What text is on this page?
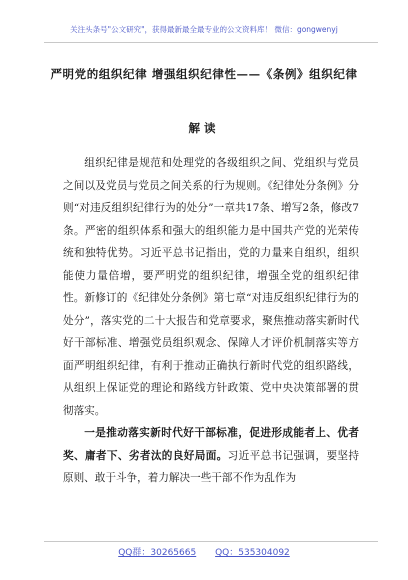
关注头条号"公文研究"，获得最新最全最专业的公文资料库！ 微信：gongwenyj
严明党的组织纪律 增强组织纪律性——《条例》组织纪律
解读

组织纪律是规范和处理党的各级组织之间、党组织与党员之间以及党员与党员之间关系的行为规则。《纪律处分条例》分则“对违反组织纪律行为的处分”一章共17条、增写2条，修改7条。严密的组织体系和强大的组织能力是中国共产党的光荣传统和独特优势。习近平总书记指出，党的力量来自组织，组织能使力量倍增，要严明党的组织纪律，增强全党的组织纪律性。新修订的《纪律处分条例》第七章“对违反组织纪律行为的处分”，落实党的二十大报告和党章要求，聚焦推动落实新时代好干部标准、增强党员组织观念、保障人才评价机制落实等方面严明组织纪律，有利于推动正确执行新时代党的组织路线，从组织上保证党的理论和路线方针政策、党中央决策部署的贯彻落实。

一是推动落实新时代好干部标准，促进形成能者上、优者奖、庸者下、劣者汰的良好局面。习近平总书记强调，要坚持原则、敢于斗争，着力解决一些干部不作为乱作为

QQ群：30265665 QQ：535304092
